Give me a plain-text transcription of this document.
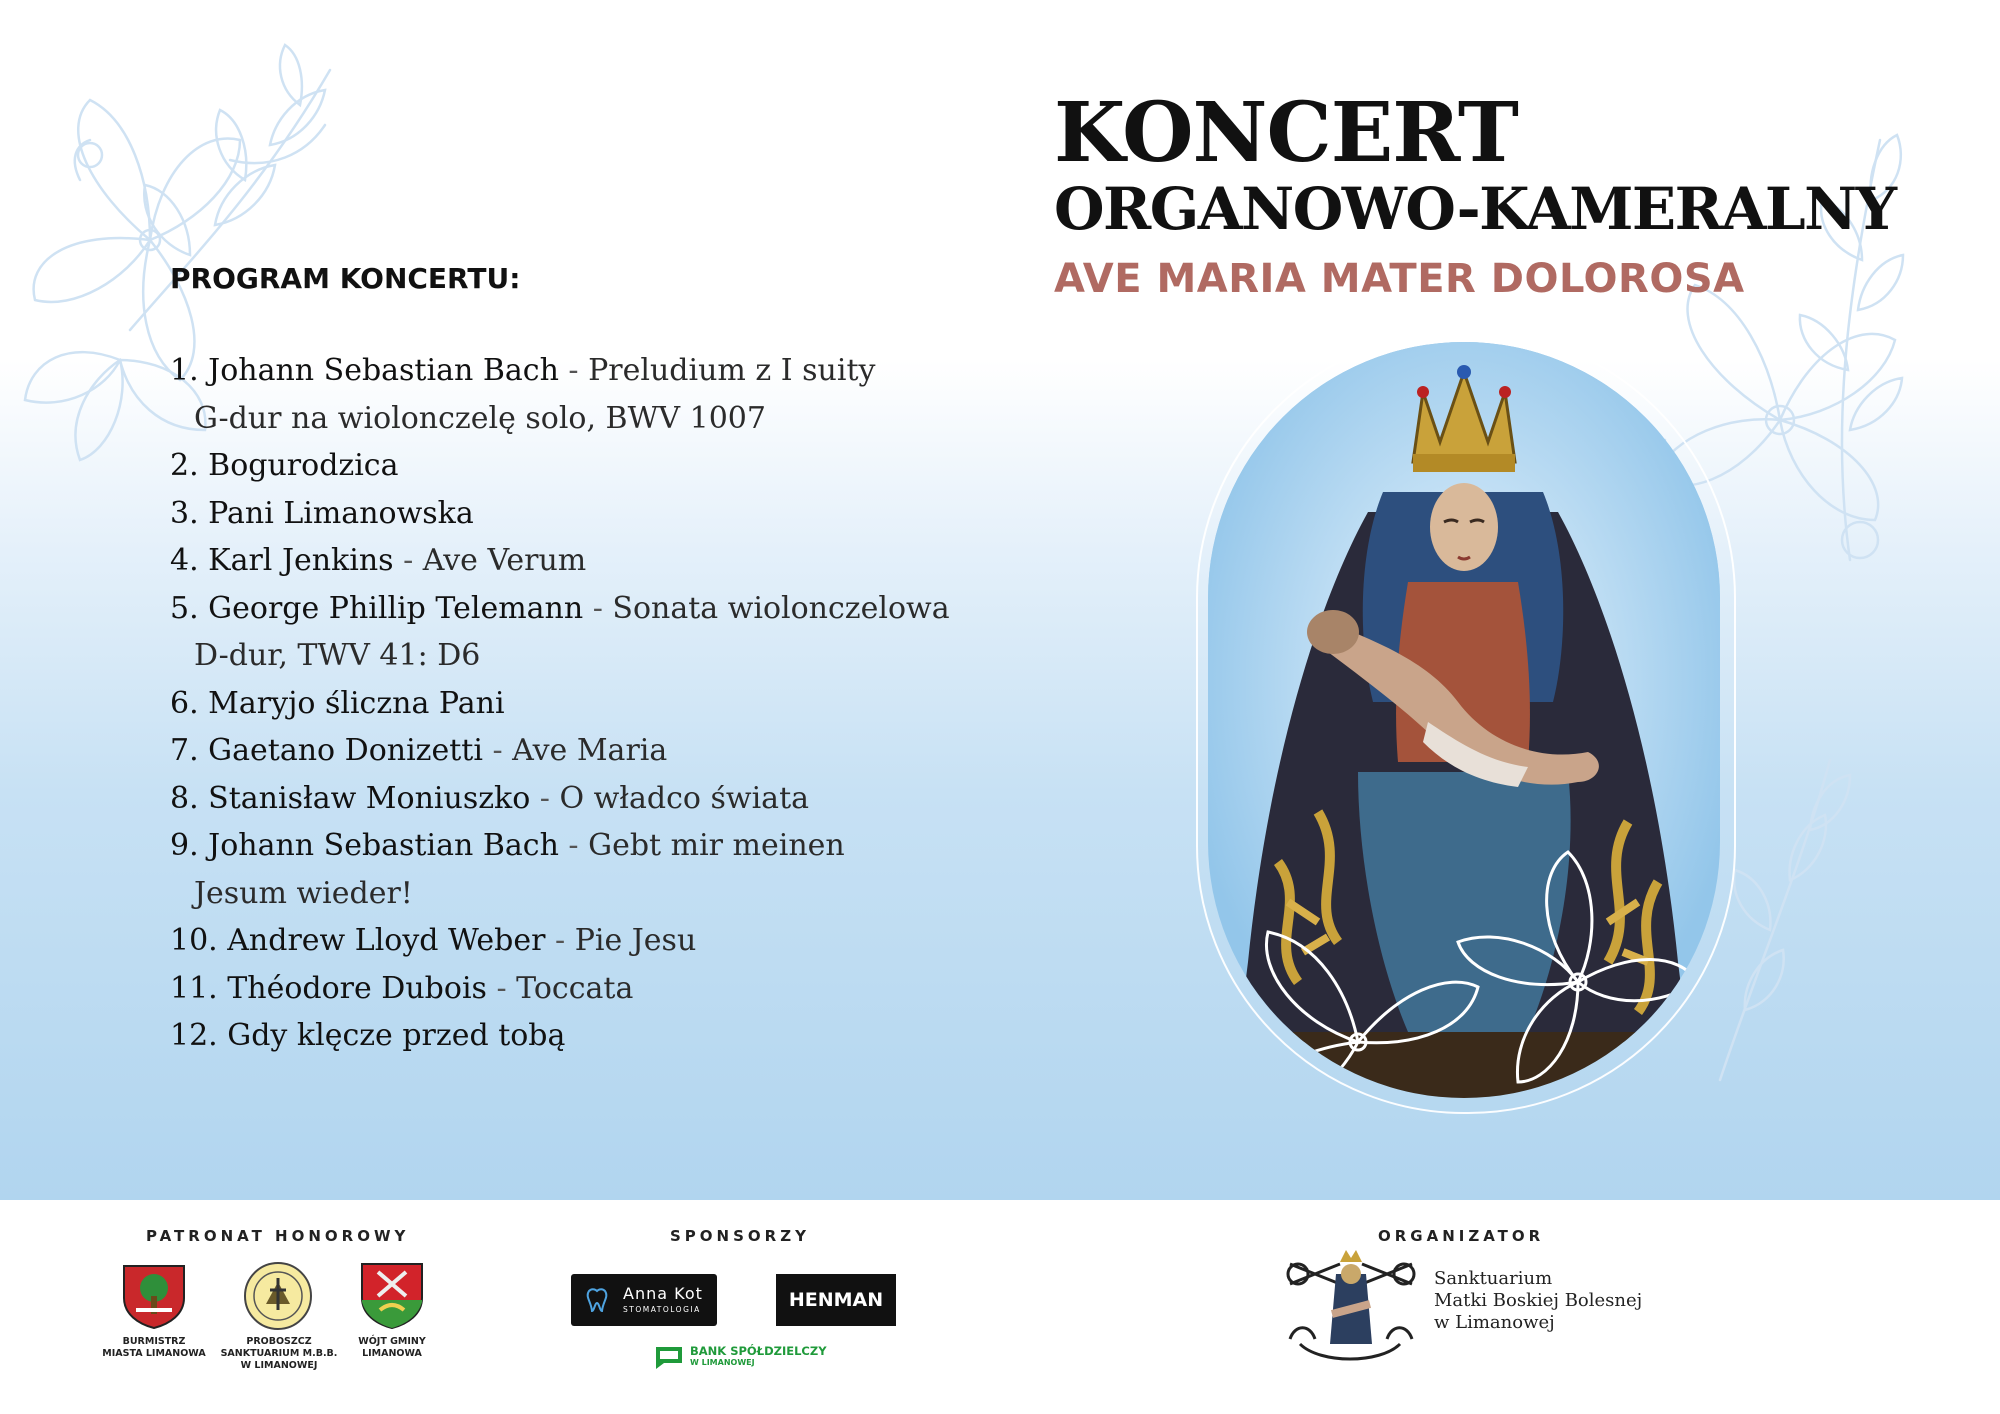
KONCERT
ORGANOWO-KAMERALNY
AVE MARIA MATER DOLOROSA
PROGRAM KONCERTU:
1. Johann Sebastian Bach - Preludium z I suity
G-dur na wiolonczelę solo, BWV 1007
2. Bogurodzica
3. Pani Limanowska
4. Karl Jenkins - Ave Verum
5. George Phillip Telemann - Sonata wiolonczelowa
D-dur, TWV 41: D6
6. Maryjo śliczna Pani
7. Gaetano Donizetti - Ave Maria
8. Stanisław Moniuszko - O władco świata
9. Johann Sebastian Bach - Gebt mir meinen
Jesum wieder!
10. Andrew Lloyd Weber - Pie Jesu
11. Théodore Dubois - Toccata
12. Gdy klęcze przed tobą
PATRONAT HONOROWY
BURMISTRZ
MIASTA LIMANOWA
PROBOSZCZ
SANKTUARIUM M.B.B.
W LIMANOWEJ
WÓJT GMINY
LIMANOWA
SPONSORZY
Anna Kot
STOMATOLOGIA	HENMAN
BANK SPÓŁDZIELCZY
W LIMANOWEJ
ORGANIZATOR
Sanktuarium
Matki Boskiej Bolesnej
w Limanowej
